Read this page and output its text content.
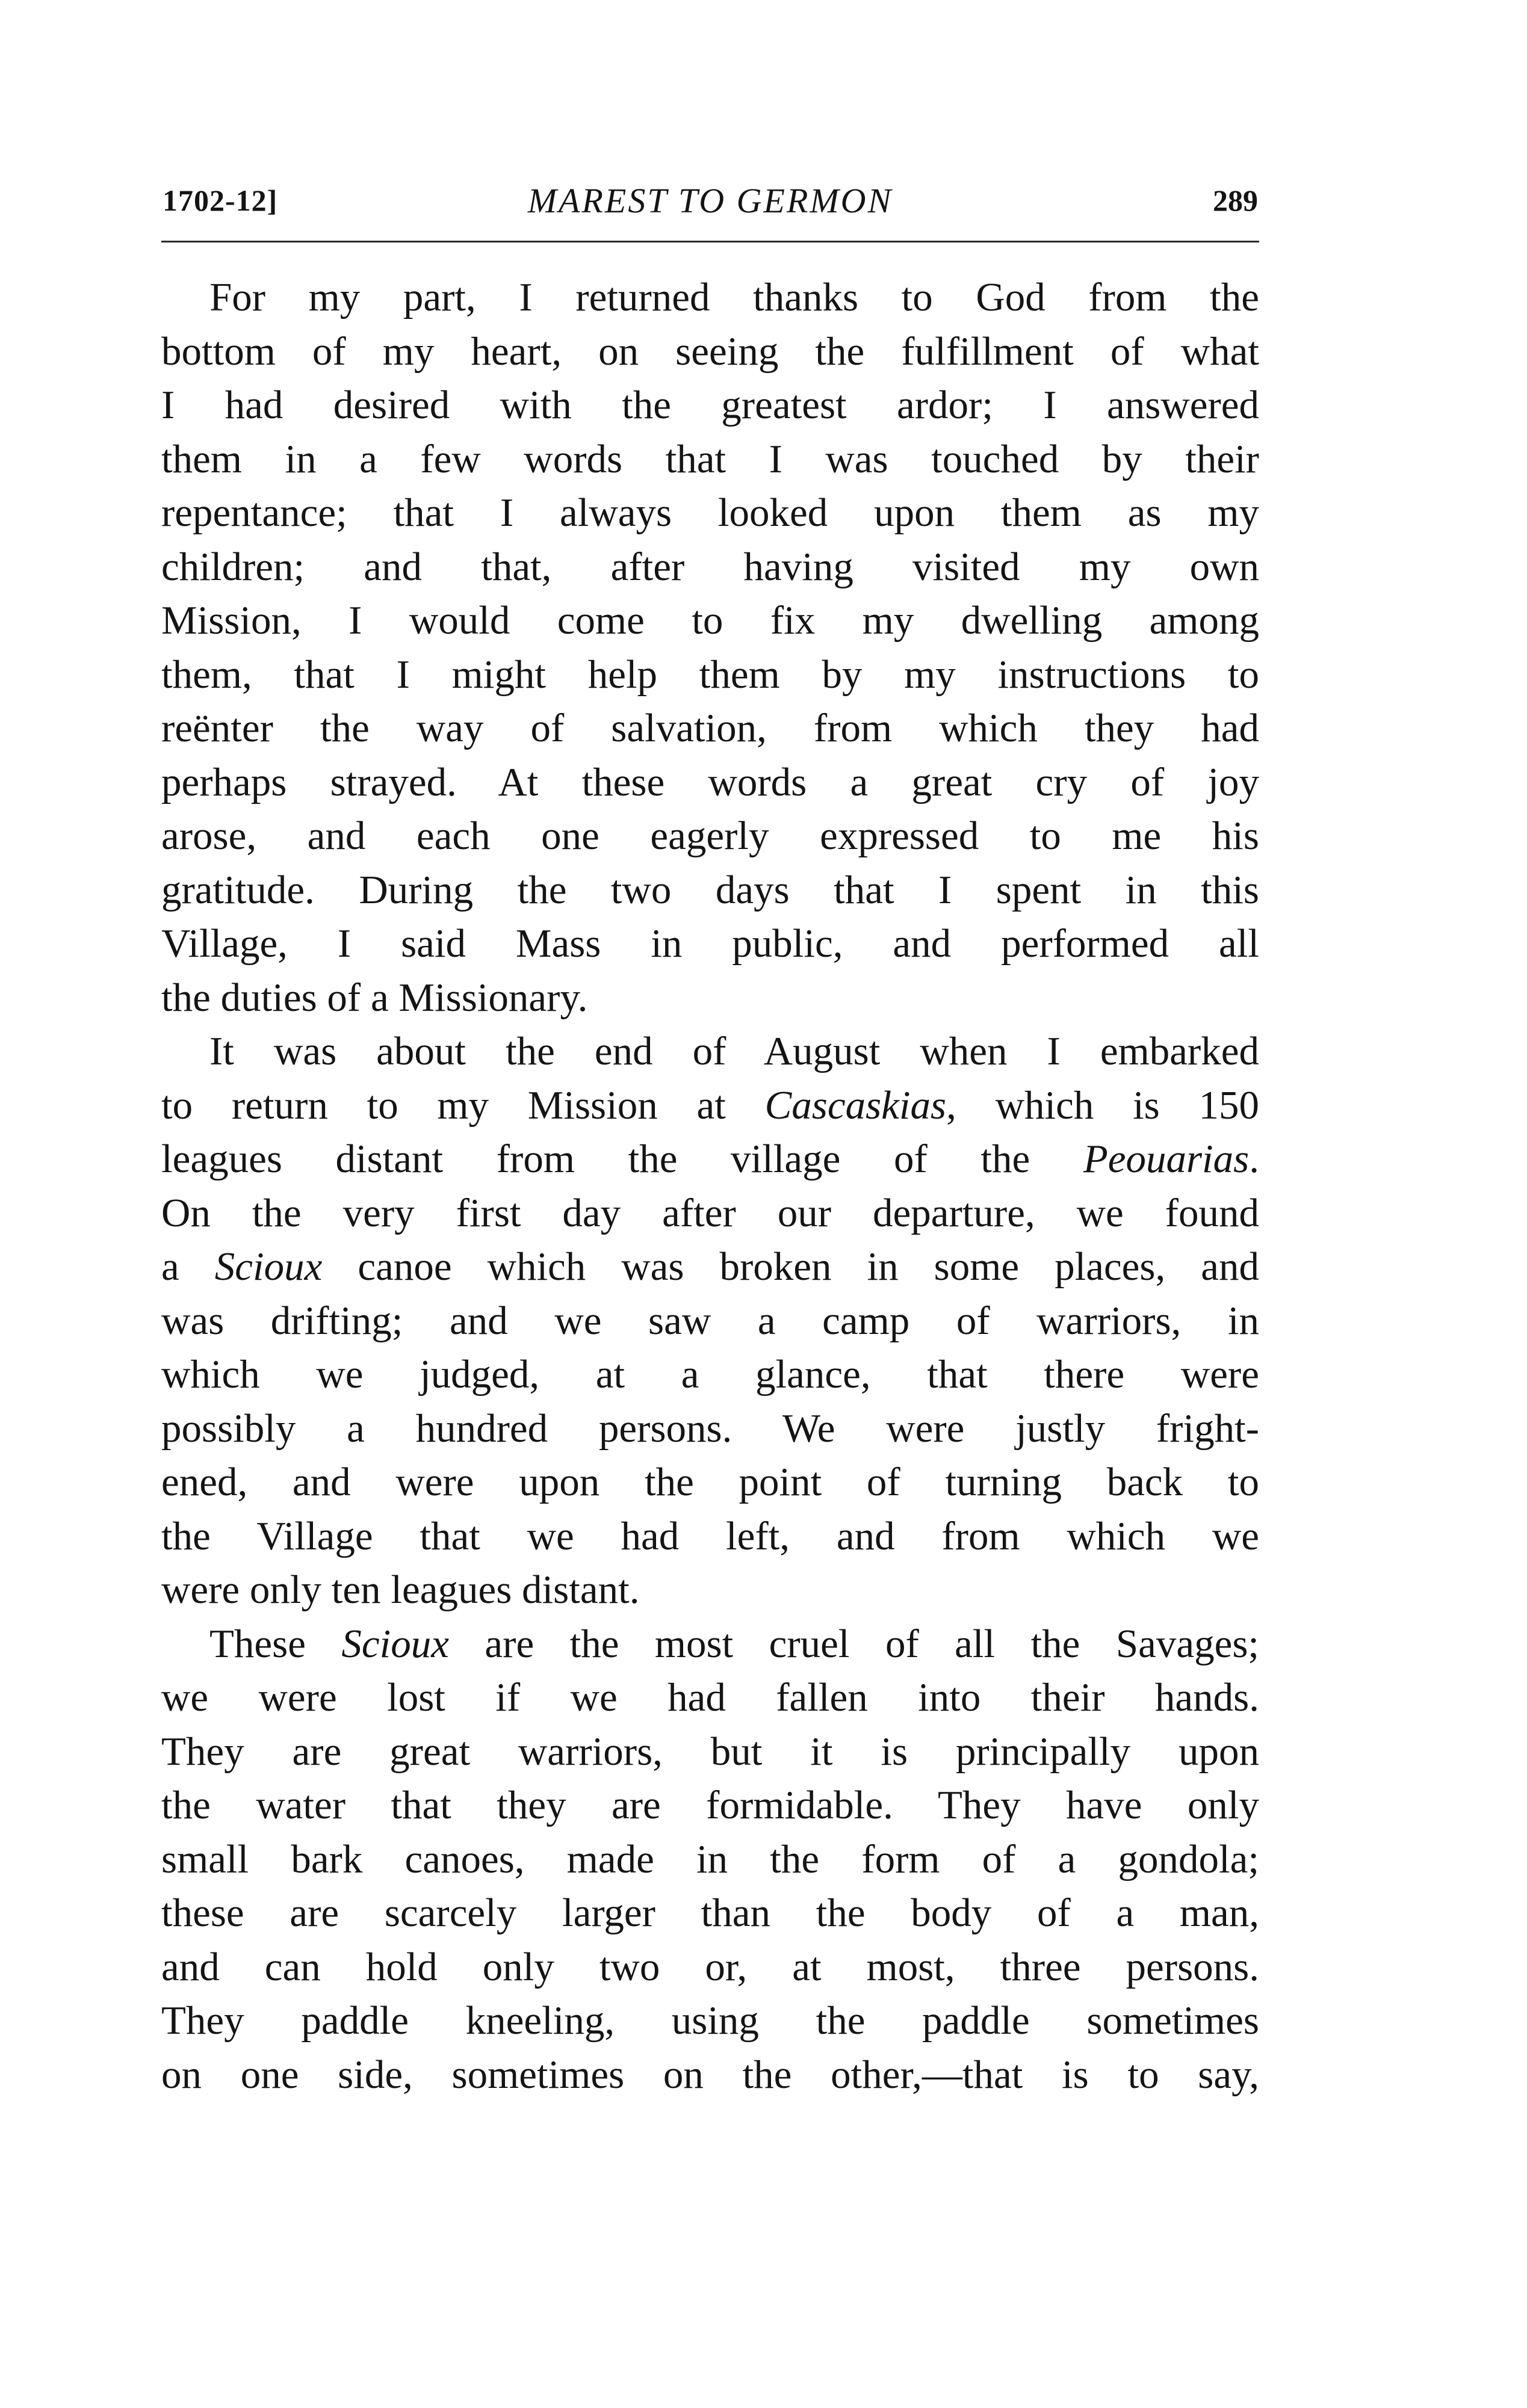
1702-12]	MAREST TO GERMON	289
For my part, I returned thanks to God from the
bottom of my heart, on seeing the fulfillment of what
I had desired with the greatest ardor; I answered
them in a few words that I was touched by their
repentance; that I always looked upon them as my
children; and that, after having visited my own
Mission, I would come to fix my dwelling among
them, that I might help them by my instructions to
reënter the way of salvation, from which they had
perhaps strayed. At these words a great cry of joy
arose, and each one eagerly expressed to me his
gratitude. During the two days that I spent in this
Village, I said Mass in public, and performed all
the duties of a Missionary.
It was about the end of August when I embarked
to return to my Mission at Cascaskias, which is 150
leagues distant from the village of the Peouarias.
On the very first day after our departure, we found
a Scioux canoe which was broken in some places, and
was drifting; and we saw a camp of warriors, in
which we judged, at a glance, that there were
possibly a hundred persons. We were justly fright-
ened, and were upon the point of turning back to
the Village that we had left, and from which we
were only ten leagues distant.
These Scioux are the most cruel of all the Savages;
we were lost if we had fallen into their hands.
They are great warriors, but it is principally upon
the water that they are formidable. They have only
small bark canoes, made in the form of a gondola;
these are scarcely larger than the body of a man,
and can hold only two or, at most, three persons.
They paddle kneeling, using the paddle sometimes
on one side, sometimes on the other,—that is to say,
